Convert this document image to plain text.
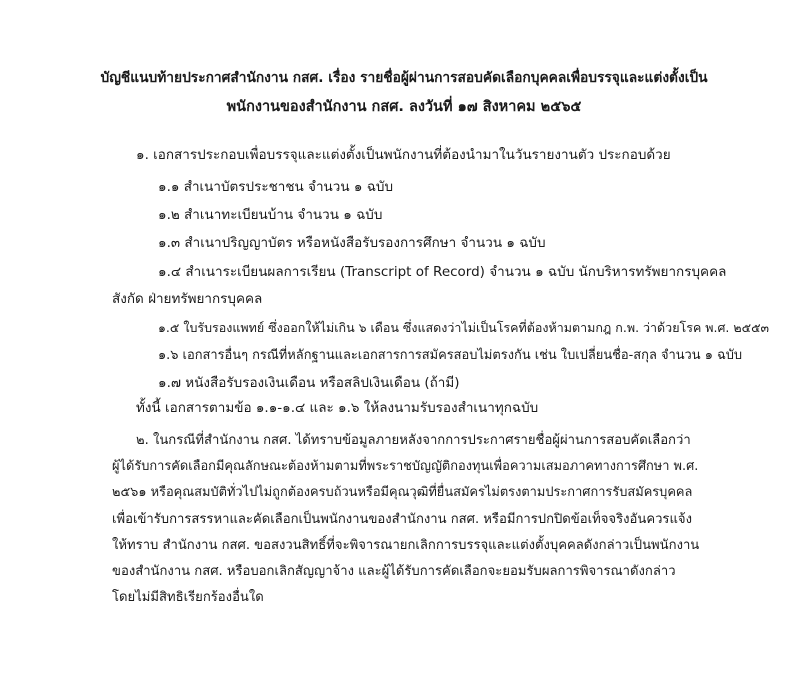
บัญชีแนบท้ายประกาศสำนักงาน กสศ. เรื่อง รายชื่อผู้ผ่านการสอบคัดเลือกบุคคลเพื่อบรรจุและแต่งตั้งเป็น
พนักงานของสำนักงาน กสศ. ลงวันที่ ๑๗ สิงหาคม ๒๕๖๕
๑. เอกสารประกอบเพื่อบรรจุและแต่งตั้งเป็นพนักงานที่ต้องนำมาในวันรายงานตัว ประกอบด้วย
๑.๑ สำเนาบัตรประชาชน จำนวน ๑ ฉบับ
๑.๒ สำเนาทะเบียนบ้าน จำนวน ๑ ฉบับ
๑.๓ สำเนาปริญญาบัตร หรือหนังสือรับรองการศึกษา จำนวน ๑ ฉบับ
๑.๔ สำเนาระเบียนผลการเรียน (Transcript of Record) จำนวน ๑ ฉบับ นักบริหารทรัพยากรบุคคล
สังกัด ฝ่ายทรัพยากรบุคคล
๑.๕ ใบรับรองแพทย์ ซึ่งออกให้ไม่เกิน ๖ เดือน ซึ่งแสดงว่าไม่เป็นโรคที่ต้องห้ามตามกฎ ก.พ. ว่าด้วยโรค พ.ศ. ๒๕๕๓
๑.๖ เอกสารอื่นๆ กรณีที่หลักฐานและเอกสารการสมัครสอบไม่ตรงกัน เช่น ใบเปลี่ยนชื่อ-สกุล จำนวน ๑ ฉบับ
๑.๗ หนังสือรับรองเงินเดือน หรือสลิปเงินเดือน (ถ้ามี)
ทั้งนี้ เอกสารตามข้อ ๑.๑-๑.๔ และ ๑.๖ ให้ลงนามรับรองสำเนาทุกฉบับ
๒. ในกรณีที่สำนักงาน กสศ. ได้ทราบข้อมูลภายหลังจากการประกาศรายชื่อผู้ผ่านการสอบคัดเลือกว่า
ผู้ได้รับการคัดเลือกมีคุณลักษณะต้องห้ามตามที่พระราชบัญญัติกองทุนเพื่อความเสมอภาคทางการศึกษา พ.ศ.
๒๕๖๑ หรือคุณสมบัติทั่วไปไม่ถูกต้องครบถ้วนหรือมีคุณวุฒิที่ยื่นสมัครไม่ตรงตามประกาศการรับสมัครบุคคล
เพื่อเข้ารับการสรรหาและคัดเลือกเป็นพนักงานของสำนักงาน กสศ. หรือมีการปกปิดข้อเท็จจริงอันควรแจ้ง
ให้ทราบ สำนักงาน กสศ. ขอสงวนสิทธิ์ที่จะพิจารณายกเลิกการบรรจุและแต่งตั้งบุคคลดังกล่าวเป็นพนักงาน
ของสำนักงาน กสศ. หรือบอกเลิกสัญญาจ้าง และผู้ได้รับการคัดเลือกจะยอมรับผลการพิจารณาดังกล่าว
โดยไม่มีสิทธิเรียกร้องอื่นใด
